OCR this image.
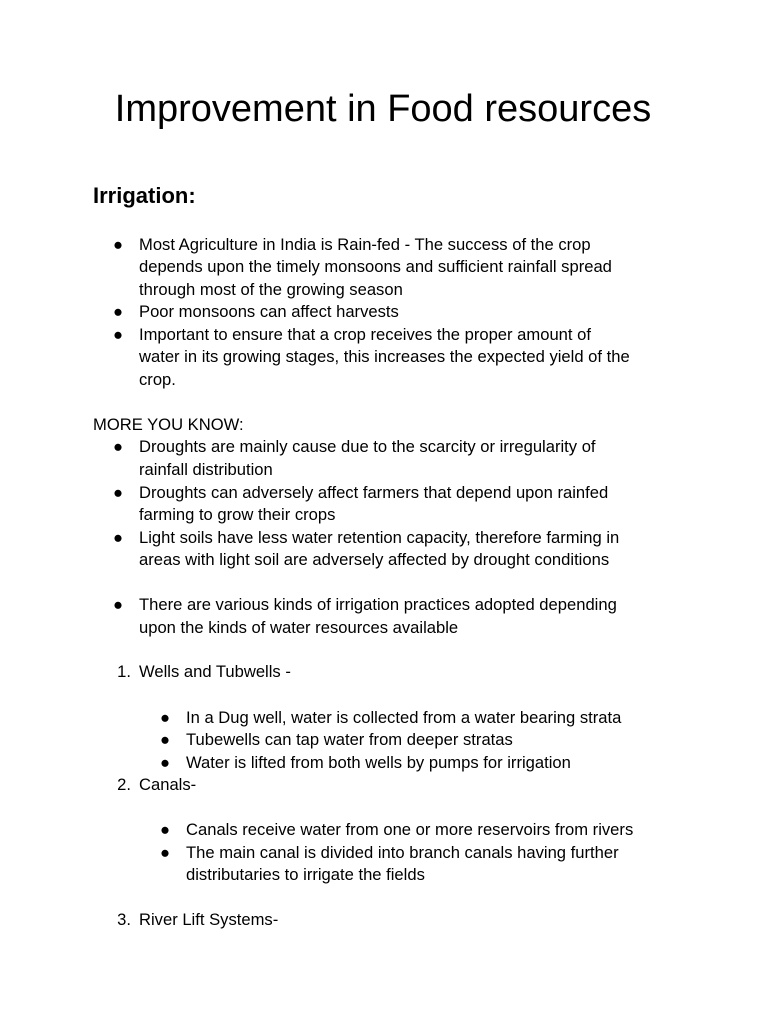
Improvement in Food resources
Irrigation:
● Most Agriculture in India is Rain-fed - The success of the crop
depends upon the timely monsoons and sufficient rainfall spread
through most of the growing season
● Poor monsoons can affect harvests
● Important to ensure that a crop receives the proper amount of
water in its growing stages, this increases the expected yield of the
crop.
MORE YOU KNOW:
● Droughts are mainly cause due to the scarcity or irregularity of
rainfall distribution
● Droughts can adversely affect farmers that depend upon rainfed
farming to grow their crops
● Light soils have less water retention capacity, therefore farming in
areas with light soil are adversely affected by drought conditions
● There are various kinds of irrigation practices adopted depending
upon the kinds of water resources available
1. Wells and Tubwells -
● In a Dug well, water is collected from a water bearing strata
● Tubewells can tap water from deeper stratas
● Water is lifted from both wells by pumps for irrigation
2. Canals-
● Canals receive water from one or more reservoirs from rivers
● The main canal is divided into branch canals having further
distributaries to irrigate the fields
3. River Lift Systems-
